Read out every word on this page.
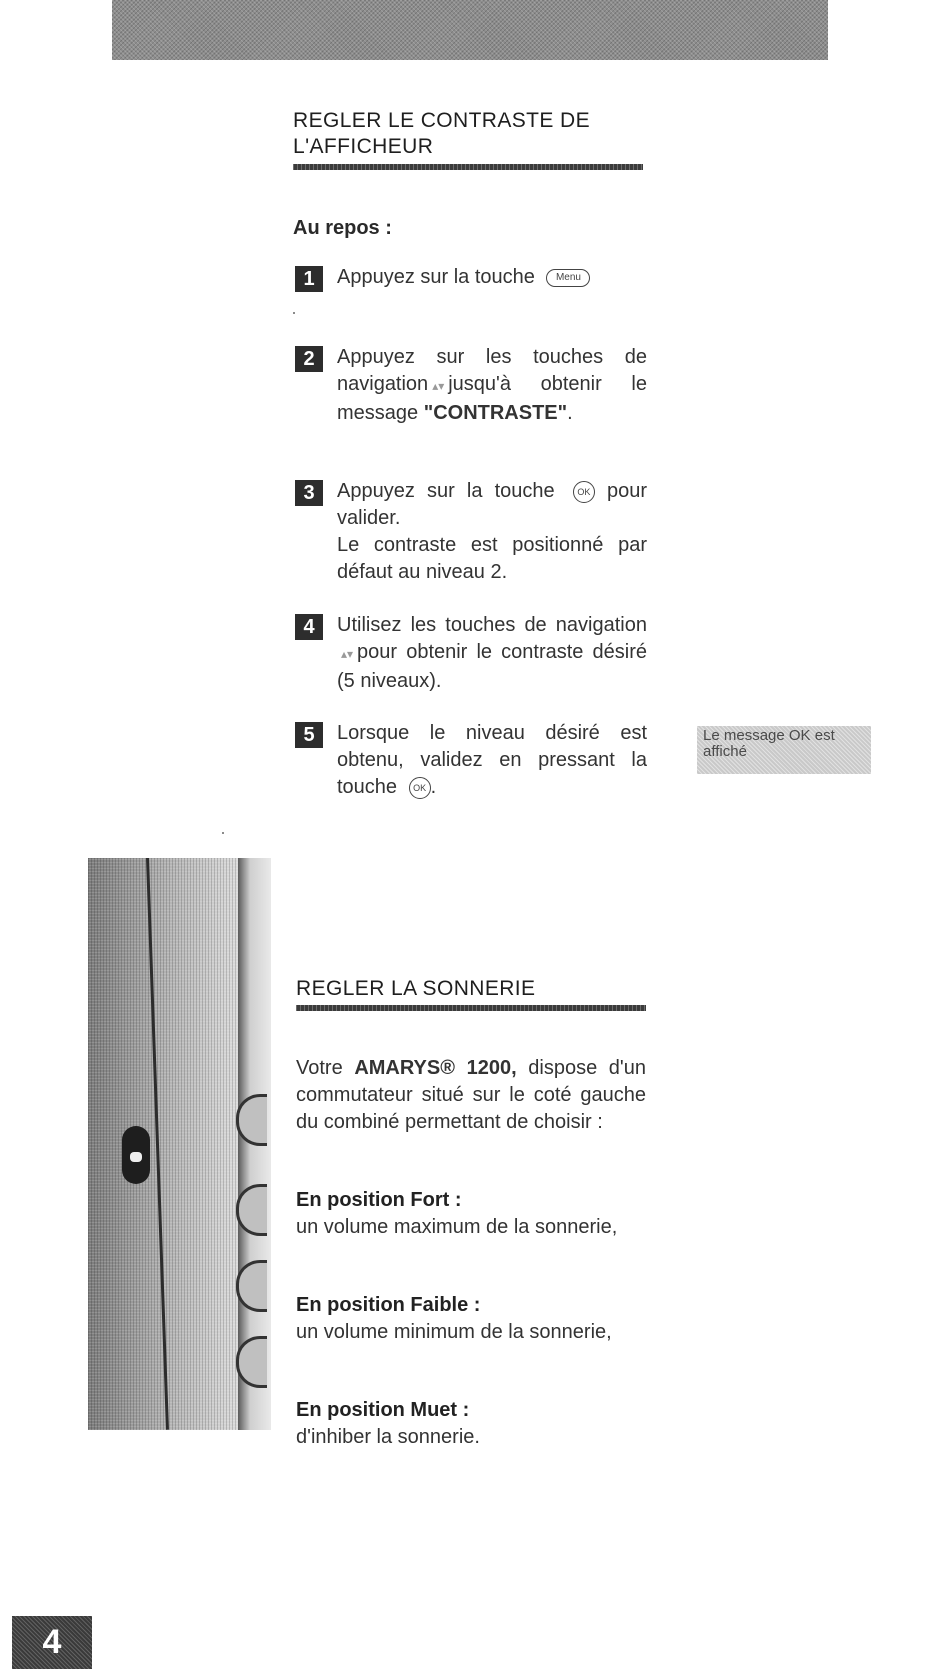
REGLER LE CONTRASTE DE L'AFFICHEUR
Au repos :
1	Appuyez sur la touche Menu
2	Appuyez sur les touches de navigation ▴▾ jusqu'à obtenir le message "CONTRASTE".
3	Appuyez sur la touche	OK pour valider.
Le contraste est positionné par défaut au niveau 2.
4	Utilisez les touches de navigation▴▾ pour obtenir le contraste désiré (5 niveaux).
5	Lorsque le niveau désiré est obtenu, validez en pressant la touche OK .
Le message OK est affiché
REGLER LA SONNERIE
Votre AMARYS® 1200, dispose d'un commutateur situé sur le coté gauche du combiné permettant de choisir :
En position Fort :
un volume maximum de la sonnerie,
En position Faible :
un volume minimum de la sonnerie,
En position Muet :
d'inhiber la sonnerie.
4
